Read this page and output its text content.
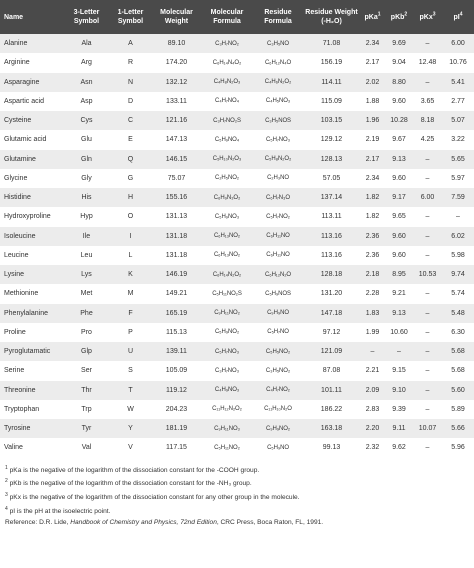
Name	3-Letter Symbol	1-Letter Symbol	Molecular Weight	Molecular Formula	Residue Formula	Residue Weight (-H₂O)	pKa$^1$	pKb$^2$	pKx$^3$	$pI^4$
Alanine	Ala	A	89.10	C₃H₇NO₂	C₃H₅NO	71.08	2.34	9.69	–	6.00
Arginine	Arg	R	174.20	C₆H₁₄N₄O₂	C₆H₁₂N₄O	156.19	2.17	9.04	12.48	10.76
Asparagine	Asn	N	132.12	C₄H₈N₂O₃	C₄H₆N₂O₂	114.11	2.02	8.80	–	5.41
Aspartic acid	Asp	D	133.11	C₄H₇NO₄	C₄H₅NO₃	115.09	1.88	9.60	3.65	2.77
Cysteine	Cys	C	121.16	C₃H₇NO₂S	C₃H₅NOS	103.15	1.96	10.28	8.18	5.07
Glutamic acid	Glu	E	147.13	C₅H₉NO₄	C₅H₇NO₃	129.12	2.19	9.67	4.25	3.22
Glutamine	Gln	Q	146.15	C₅H₁₀N₂O₃	C₅H₈N₂O₂	128.13	2.17	9.13	–	5.65
Glycine	Gly	G	75.07	C₂H₅NO₂	C₂H₃NO	57.05	2.34	9.60	–	5.97
Histidine	His	H	155.16	C₆H₉N₃O₂	C₆H₇N₃O	137.14	1.82	9.17	6.00	7.59
Hydroxyproline	Hyp	O	131.13	C₅H₉NO₃	C₅H₇NO₂	113.11	1.82	9.65	–	–
Isoleucine	Ile	I	131.18	C₆H₁₃NO₂	C₆H₁₁NO	113.16	2.36	9.60	–	6.02
Leucine	Leu	L	131.18	C₆H₁₃NO₂	C₆H₁₁NO	113.16	2.36	9.60	–	5.98
Lysine	Lys	K	146.19	C₆H₁₄N₂O₂	C₆H₁₂N₂O	128.18	2.18	8.95	10.53	9.74
Methionine	Met	M	149.21	C₅H₁₁NO₂S	C₅H₉NOS	131.20	2.28	9.21	–	5.74
Phenylalanine	Phe	F	165.19	C₉H₁₁NO₂	C₉H₉NO	147.18	1.83	9.13	–	5.48
Proline	Pro	P	115.13	C₅H₉NO₂	C₅H₇NO	97.12	1.99	10.60	–	6.30
Pyroglutamatic	Glp	U	139.11	C₅H₇NO₃	C₅H₅NO₂	121.09	–	–	–	5.68
Serine	Ser	S	105.09	C₃H₇NO₃	C₃H₅NO₂	87.08	2.21	9.15	–	5.68
Threonine	Thr	T	119.12	C₄H₉NO₃	C₄H₇NO₂	101.11	2.09	9.10	–	5.60
Tryptophan	Trp	W	204.23	C₁₁H₁₂N₂O₂	C₁₁H₁₀N₂O	186.22	2.83	9.39	–	5.89
Tyrosine	Tyr	Y	181.19	C₉H₁₁NO₃	C₉H₉NO₂	163.18	2.20	9.11	10.07	5.66
Valine	Val	V	117.15	C₅H₁₁NO₂	C₅H₉NO	99.13	2.32	9.62	–	5.96
$^1$ pKa is the negative of the logarithm of the dissociation constant for the -COOH group.
$^2$ pKb is the negative of the logarithm of the dissociation constant for the -NH₃ group.
$^3$ pKx is the negative of the logarithm of the dissociation constant for any other group in the molecule.
$^4$ pI is the pH at the isoelectric point.
Reference: D.R. Lide, Handbook of Chemistry and Physics, 72nd Edition, CRC Press, Boca Raton, FL, 1991.
